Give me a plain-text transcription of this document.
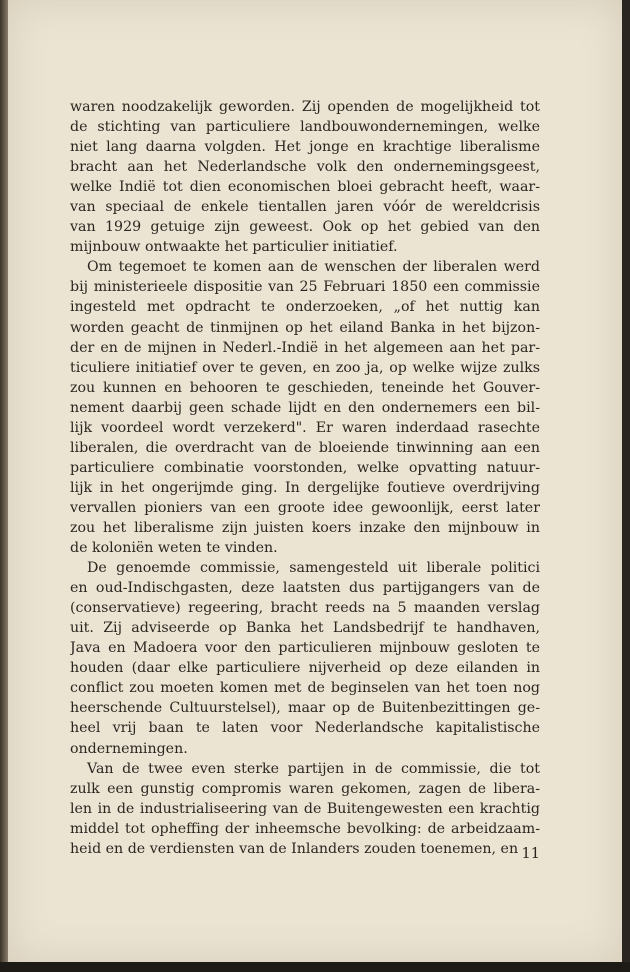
waren noodzakelijk geworden. Zij openden de mogelijkheid tot
de stichting van particuliere landbouwondernemingen, welke
niet lang daarna volgden. Het jonge en krachtige liberalisme
bracht aan het Nederlandsche volk den ondernemingsgeest,
welke Indië tot dien economischen bloei gebracht heeft, waar-
van speciaal de enkele tientallen jaren vóór de wereldcrisis
van 1929 getuige zijn geweest. Ook op het gebied van den
mijnbouw ontwaakte het particulier initiatief.
Om tegemoet te komen aan de wenschen der liberalen werd
bij ministerieele dispositie van 25 Februari 1850 een commissie
ingesteld met opdracht te onderzoeken, „of het nuttig kan
worden geacht de tinmijnen op het eiland Banka in het bijzon-
der en de mijnen in Nederl.-Indië in het algemeen aan het par-
ticuliere initiatief over te geven, en zoo ja, op welke wijze zulks
zou kunnen en behooren te geschieden, teneinde het Gouver-
nement daarbij geen schade lijdt en den ondernemers een bil-
lijk voordeel wordt verzekerd". Er waren inderdaad rasechte
liberalen, die overdracht van de bloeiende tinwinning aan een
particuliere combinatie voorstonden, welke opvatting natuur-
lijk in het ongerijmde ging. In dergelijke foutieve overdrijving
vervallen pioniers van een groote idee gewoonlijk, eerst later
zou het liberalisme zijn juisten koers inzake den mijnbouw in
de koloniën weten te vinden.
De genoemde commissie, samengesteld uit liberale politici
en oud-Indischgasten, deze laatsten dus partijgangers van de
(conservatieve) regeering, bracht reeds na 5 maanden verslag
uit. Zij adviseerde op Banka het Landsbedrijf te handhaven,
Java en Madoera voor den particulieren mijnbouw gesloten te
houden (daar elke particuliere nijverheid op deze eilanden in
conflict zou moeten komen met de beginselen van het toen nog
heerschende Cultuurstelsel), maar op de Buitenbezittingen ge-
heel vrij baan te laten voor Nederlandsche kapitalistische
ondernemingen.
Van de twee even sterke partijen in de commissie, die tot
zulk een gunstig compromis waren gekomen, zagen de libera-
len in de industrialiseering van de Buitengewesten een krachtig
middel tot opheffing der inheemsche bevolking: de arbeidzaam-
heid en de verdiensten van de Inlanders zouden toenemen, en 11
